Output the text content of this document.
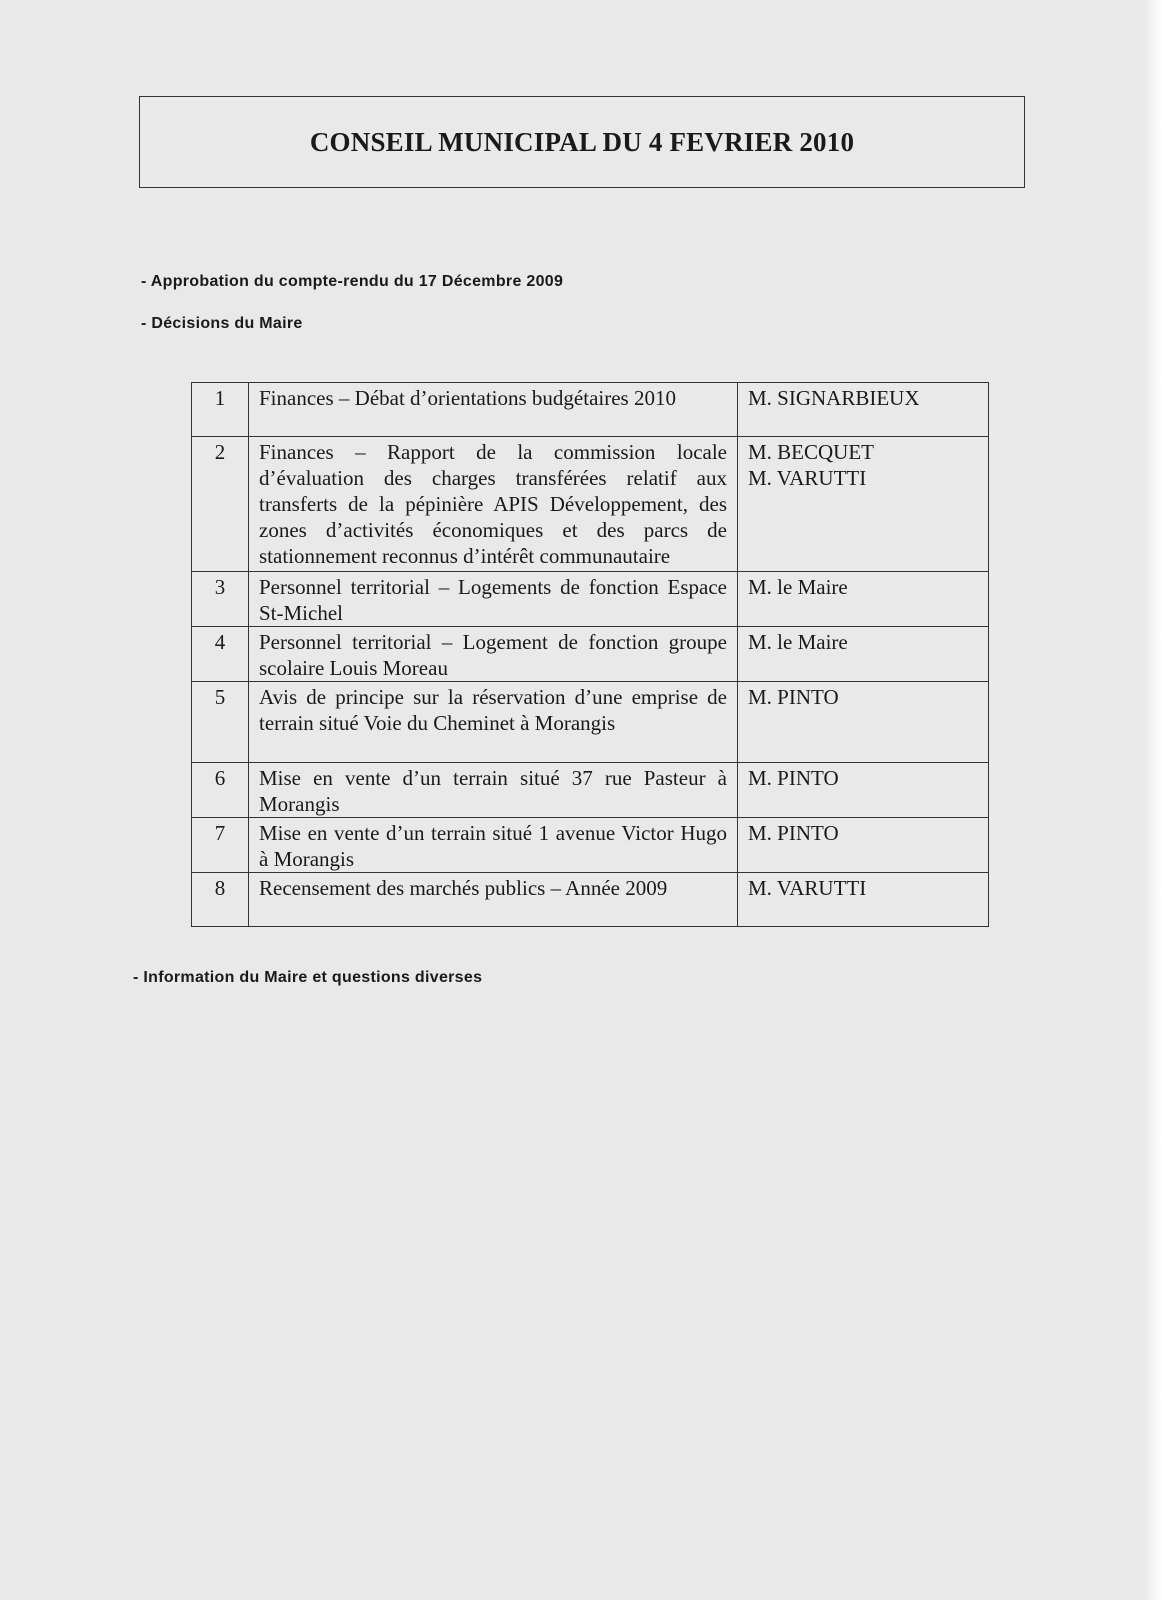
CONSEIL MUNICIPAL DU 4 FEVRIER 2010
- Approbation du compte-rendu du 17 Décembre 2009
- Décisions du Maire
1	Finances – Débat d’orientations budgétaires 2010	M. SIGNARBIEUX
2	Finances – Rapport de la commission locale d’évaluation des charges transférées relatif aux transferts de la pépinière APIS Développement, des zones d’activités économiques et des parcs de stationnement reconnus d’intérêt communautaire	M. BECQUET
M. VARUTTI
3	Personnel territorial – Logements de fonction Espace St-Michel	M. le Maire
4	Personnel territorial – Logement de fonction groupe scolaire Louis Moreau	M. le Maire
5	Avis de principe sur la réservation d’une emprise de terrain situé Voie du Cheminet à Morangis	M. PINTO
6	Mise en vente d’un terrain situé 37 rue Pasteur à Morangis	M. PINTO
7	Mise en vente d’un terrain situé 1 avenue Victor Hugo à Morangis	M. PINTO
8	Recensement des marchés publics – Année 2009	M. VARUTTI
- Information du Maire et questions diverses
